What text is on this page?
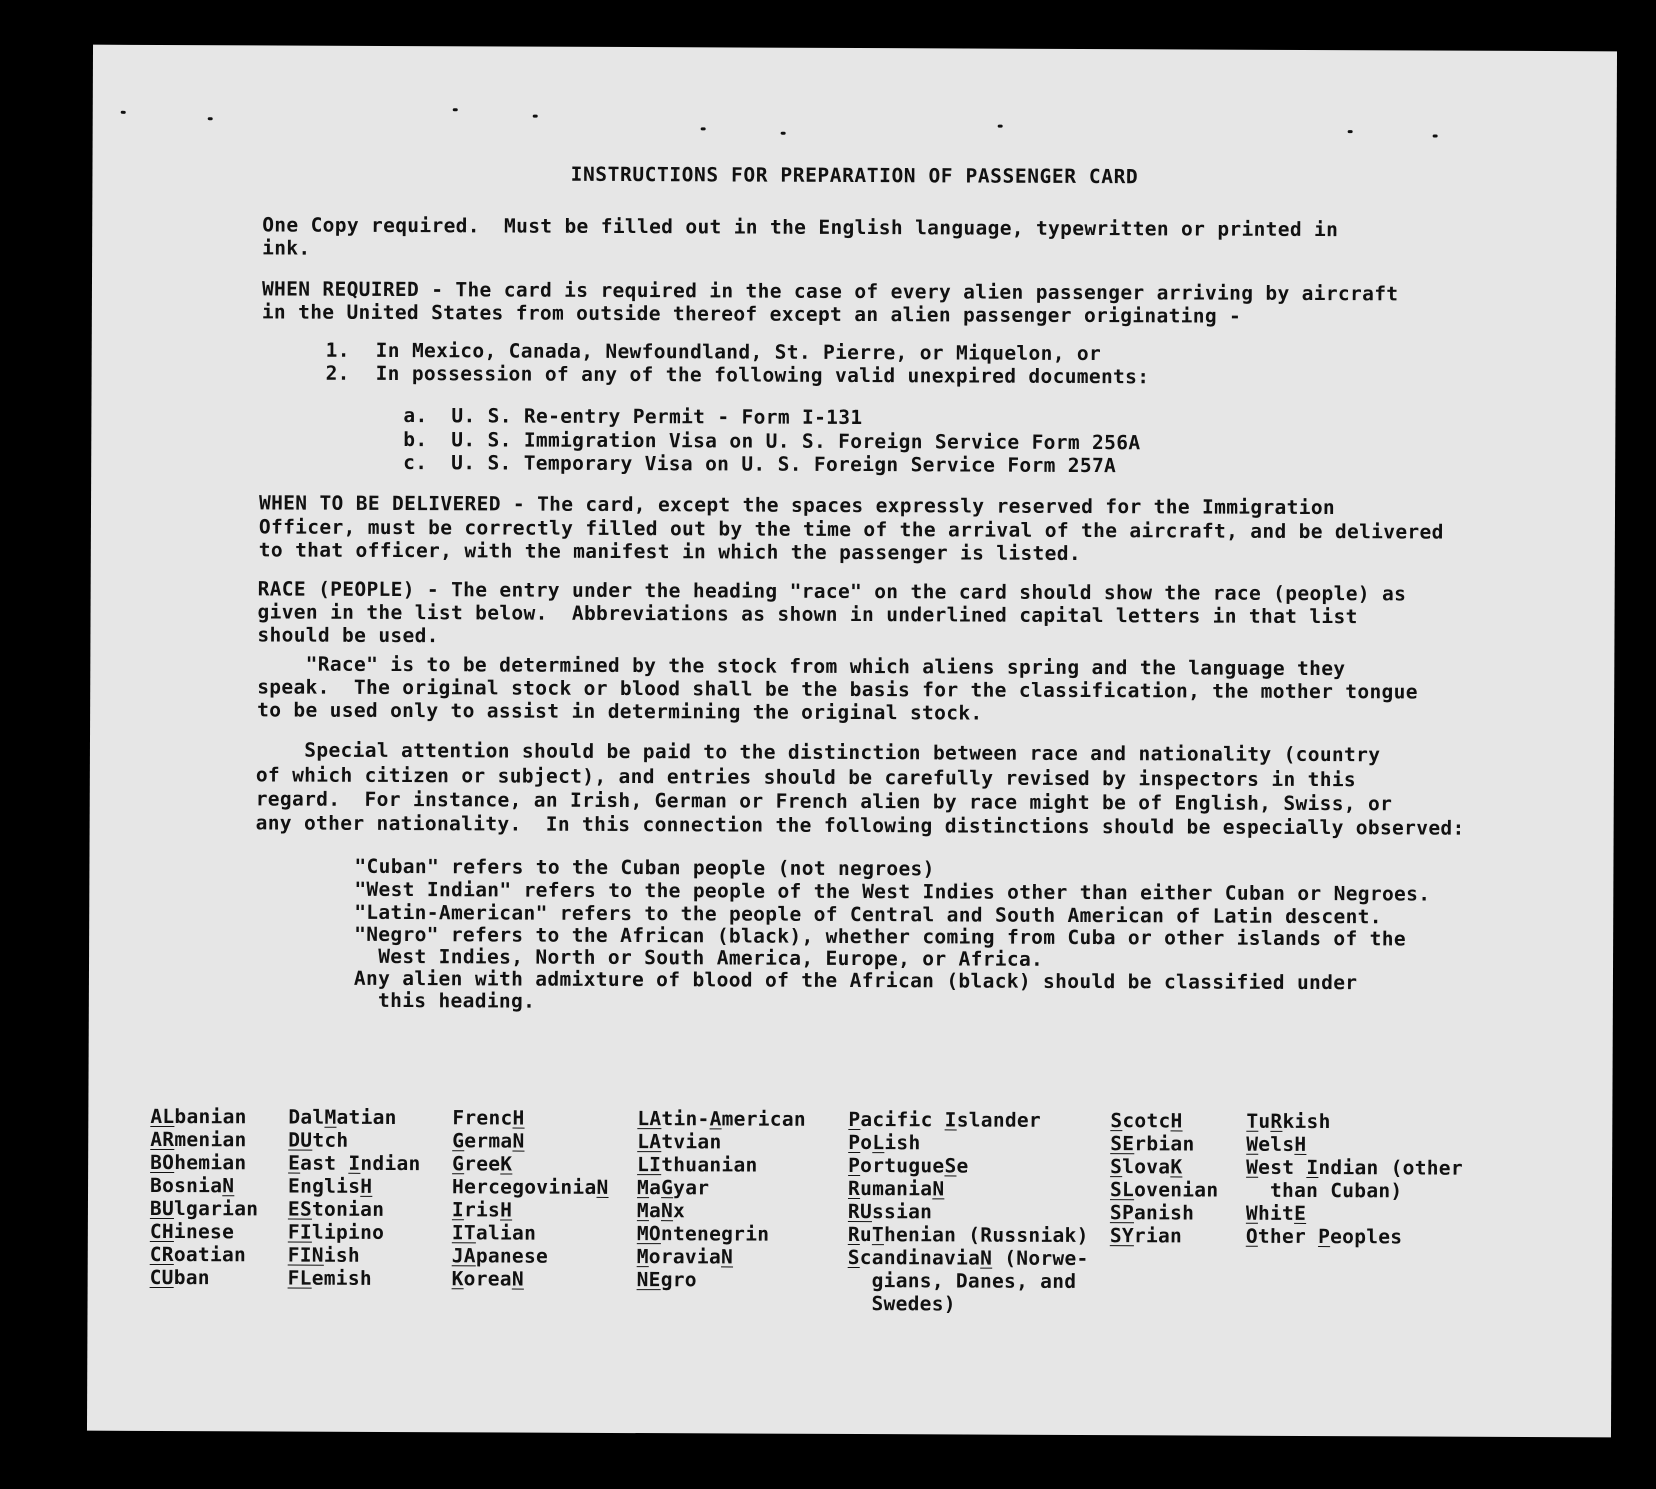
INSTRUCTIONS FOR PREPARATION OF PASSENGER CARD
One Copy required.  Must be filled out in the English language, typewritten or printed in
ink.
WHEN REQUIRED - The card is required in the case of every alien passenger arriving by aircraft
in the United States from outside thereof except an alien passenger originating -
1. In Mexico, Canada, Newfoundland, St. Pierre, or Miquelon, or
2. In possession of any of the following valid unexpired documents:
a. U. S. Re-entry Permit - Form I-131
b. U. S. Immigration Visa on U. S. Foreign Service Form 256A
c. U. S. Temporary Visa on U. S. Foreign Service Form 257A
WHEN TO BE DELIVERED - The card, except the spaces expressly reserved for the Immigration
Officer, must be correctly filled out by the time of the arrival of the aircraft, and be delivered
to that officer, with the manifest in which the passenger is listed.
RACE (PEOPLE) - The entry under the heading "race" on the card should show the race (people) as
given in the list below.  Abbreviations as shown in underlined capital letters in that list
should be used.
"Race" is to be determined by the stock from which aliens spring and the language they
speak.  The original stock or blood shall be the basis for the classification, the mother tongue
to be used only to assist in determining the original stock.
Special attention should be paid to the distinction between race and nationality (country
of which citizen or subject), and entries should be carefully revised by inspectors in this
regard.  For instance, an Irish, German or French alien by race might be of English, Swiss, or
any other nationality.  In this connection the following distinctions should be especially observed:
"Cuban" refers to the Cuban people (not negroes)
"West Indian" refers to the people of the West Indies other than either Cuban or Negroes.
"Latin-American" refers to the people of Central and South American of Latin descent.
"Negro" refers to the African (black), whether coming from Cuba or other islands of the
West Indies, North or South America, Europe, or Africa.
Any alien with admixture of blood of the African (black) should be classified under
this heading.
ALbanian
ARmenian
BOhemian
BosniaN
BUlgarian
CHinese
CRoatian
CUban
DalMatian
DUtch
East Indian
EnglisH
EStonian
FIlipino
FINish
FLemish
FrencH
GermaN
GreeK
HercegoviniaN
IrisH
ITalian
JApanese
KoreaN
LAtin-American
LAtvian
LIthuanian
MaGyar
MaNx
MOntenegrin
MoraviaN
NEgro
Pacific Islander
PoLish
PortugueSe
RumaniaN
RUssian
RuThenian (Russniak)
ScandinaviaN (Norwe-
gians, Danes, and
Swedes)
ScotcH
SErbian
SlovaK
SLovenian
SPanish
SYrian
TuRkish
WelsH
West Indian (other
than Cuban)
WhitE
Other Peoples
